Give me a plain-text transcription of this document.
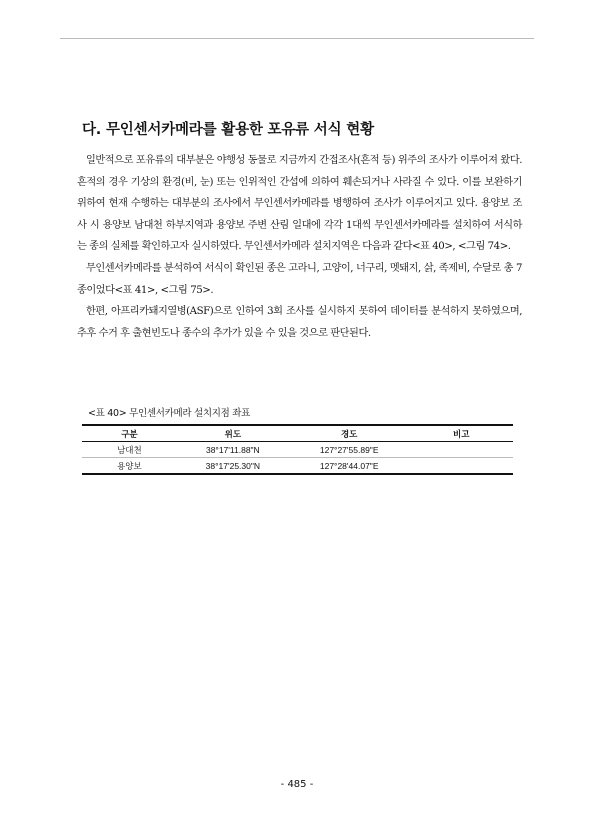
다. 무인센서카메라를 활용한 포유류 서식 현황

일반적으로 포유류의 대부분은 야행성 동물로 지금까지 간접조사(흔적 등) 위주의 조사가 이루어져 왔다. 흔적의 경우 기상의 환경(비, 눈) 또는 인위적인 간섭에 의하여 훼손되거나 사라질 수 있다. 이를 보완하기 위하여 현재 수행하는 대부분의 조사에서 무인센서카메라를 병행하여 조사가 이루어지고 있다. 용양보 조사 시 용양보 남대천 하부지역과 용양보 주변 산림 일대에 각각 1대씩 무인센서카메라를 설치하여 서식하는 종의 실체를 확인하고자 실시하였다. 무인센서카메라 설치지역은 다음과 같다<표 40>, <그림 74>.

무인센서카메라를 분석하여 서식이 확인된 종은 고라니, 고양이, 너구리, 멧돼지, 삵, 족제비, 수달로 총 7종이었다<표 41>, <그림 75>.

한편, 아프리카돼지열병(ASF)으로 인하여 3회 조사를 실시하지 못하여 데이터를 분석하지 못하였으며, 추후 수거 후 출현빈도나 종수의 추가가 있을 수 있을 것으로 판단된다.

<표 40> 무인센서카메라 설치지점 좌표
구분	위도	경도	비고
남대천	38°17'11.88"N	127°27'55.89"E	
용양보	38°17'25.30"N	127°28'44.07"E	
- 485 -
